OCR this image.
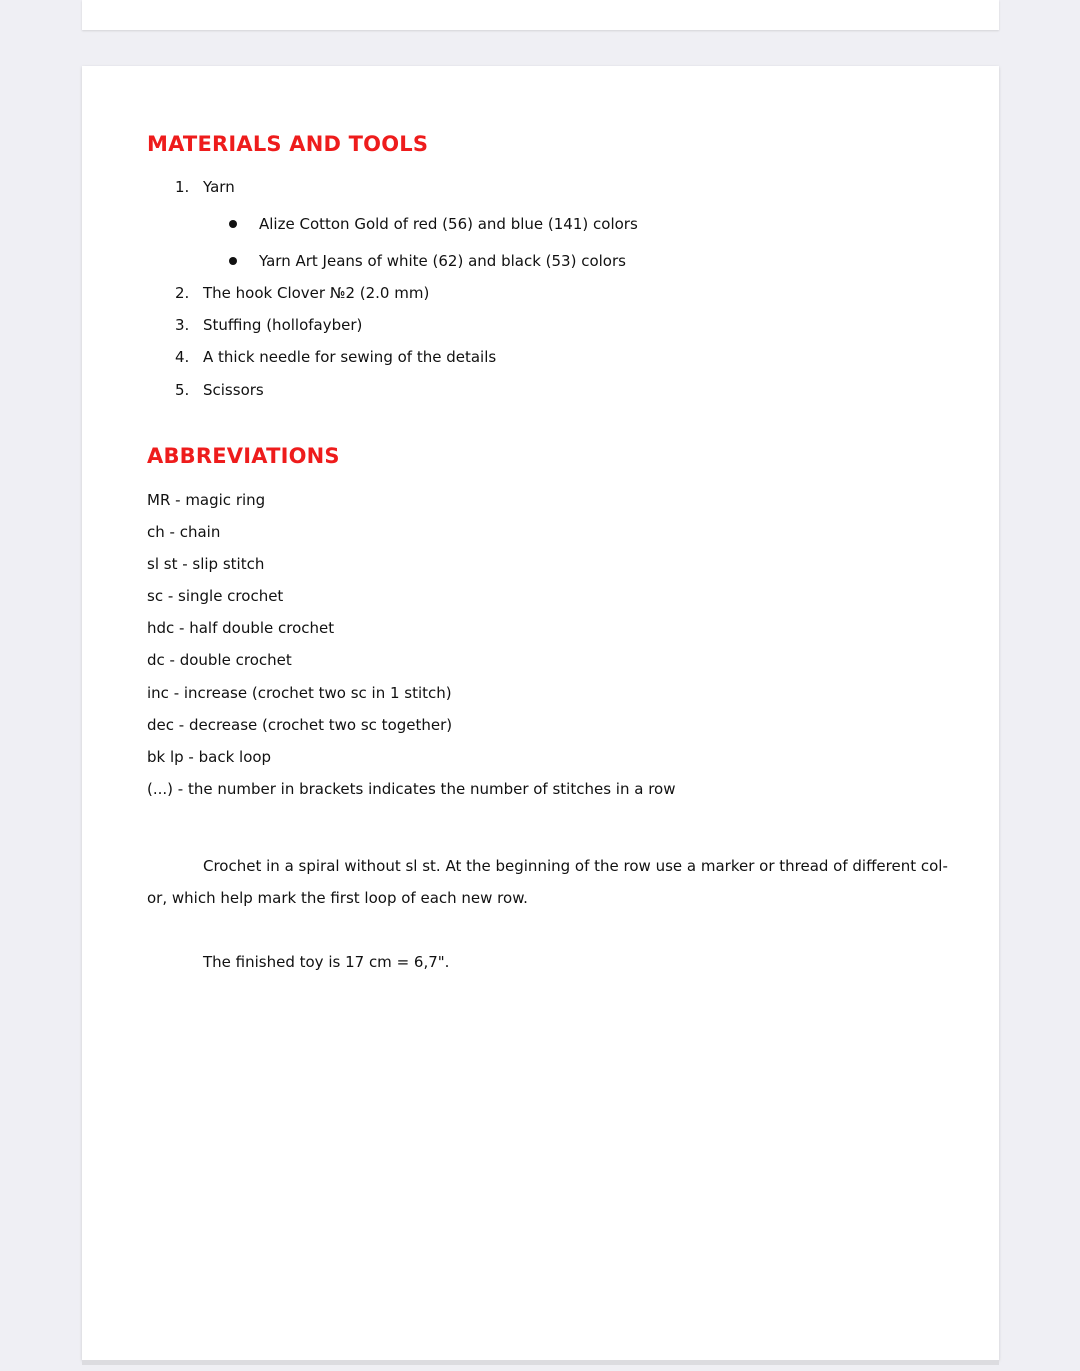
MATERIALS AND TOOLS
1. Yarn
Alize Cotton Gold of red (56) and blue (141) colors
Yarn Art Jeans of white (62) and black (53) colors
2. The hook Clover №2 (2.0 mm)
3. Stuffing (hollofayber)
4. A thick needle for sewing of the details
5. Scissors
ABBREVIATIONS
MR - magic ring
ch - chain
sl st - slip stitch
sc - single crochet
hdc - half double crochet
dc - double crochet
inc - increase (crochet two sc in 1 stitch)
dec - decrease (crochet two sc together)
bk lp - back loop
(...) - the number in brackets indicates the number of stitches in a row
Crochet in a spiral without sl st. At the beginning of the row use a marker or thread of different col-
or, which help mark the first loop of each new row.
The finished toy is 17 cm = 6,7".
